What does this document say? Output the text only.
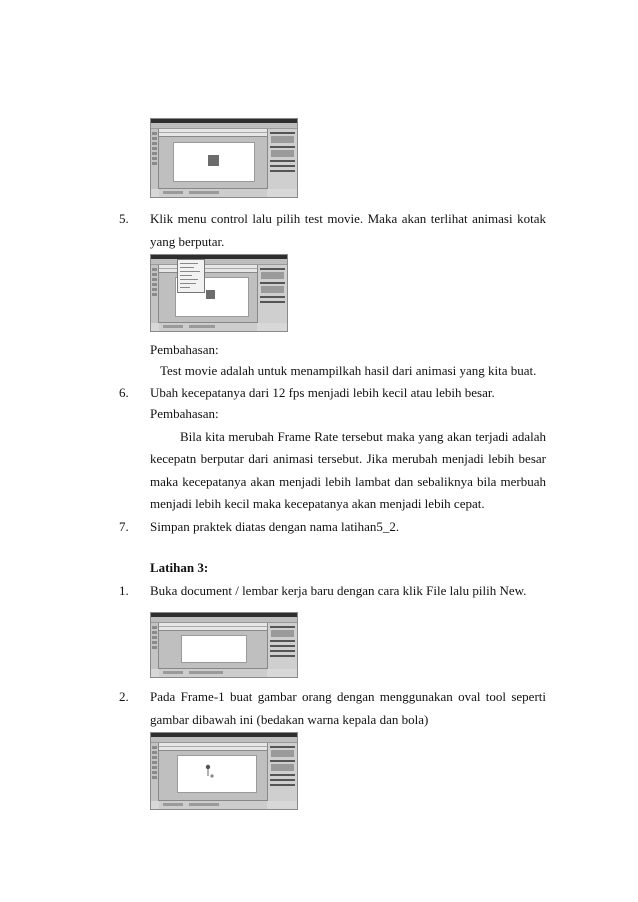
5. Klik menu control lalu pilih test movie. Maka akan terlihat animasi kotak
yang berputar.
Pembahasan:
Test movie adalah untuk menampilkah hasil dari animasi yang kita buat.
6. Ubah kecepatanya dari 12 fps menjadi lebih kecil atau lebih besar.
Pembahasan:
Bila kita merubah Frame Rate tersebut maka yang akan terjadi adalah
kecepatn berputar dari animasi tersebut. Jika merubah menjadi lebih besar
maka kecepatanya akan menjadi lebih lambat dan sebaliknya bila merbuah
menjadi lebih kecil maka kecepatanya akan menjadi lebih cepat.
7. Simpan praktek diatas dengan nama latihan5_2.
Latihan 3:
1. Buka document / lembar kerja baru dengan cara klik File lalu pilih New.
2. Pada Frame-1 buat gambar orang dengan menggunakan oval tool seperti
gambar dibawah ini (bedakan warna kepala dan bola)
